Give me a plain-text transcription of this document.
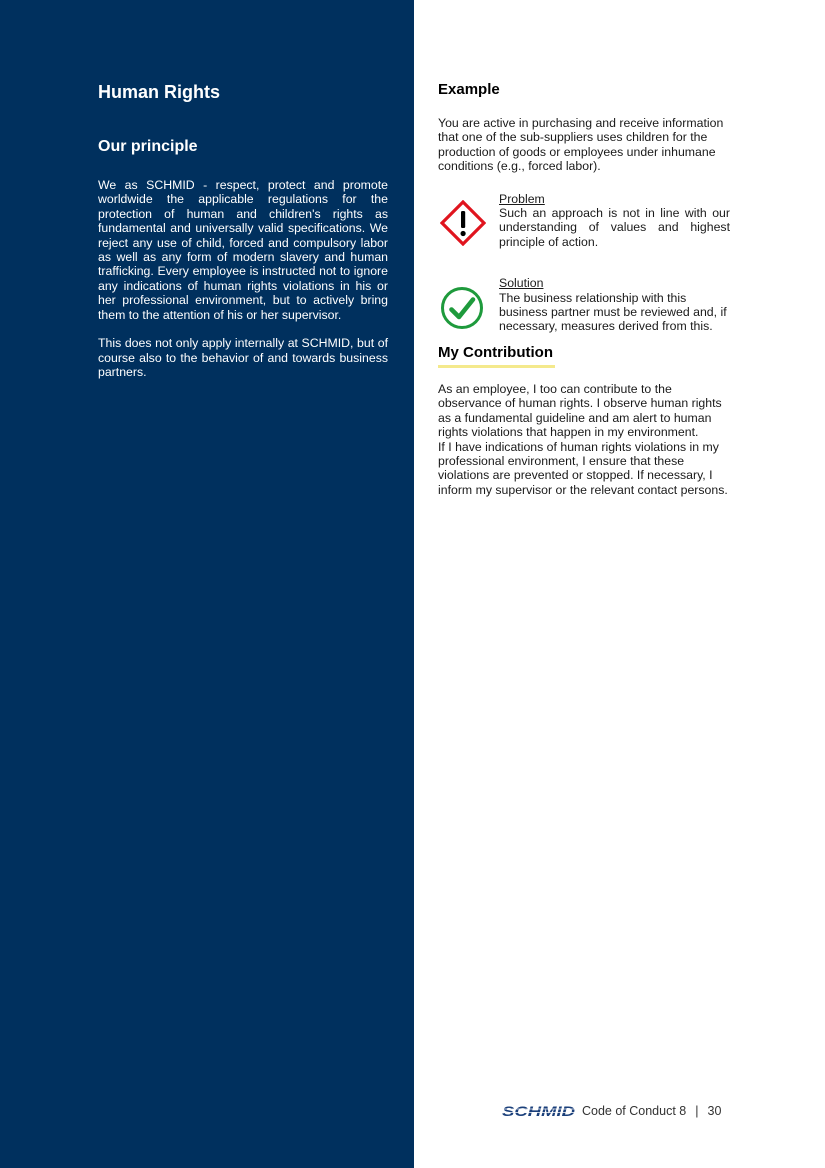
Human Rights
Our principle

We as SCHMID - respect, protect and promote worldwide the applicable regulations for the protection of human and children's rights as fundamental and universally valid specifications. We reject any use of child, forced and compulsory labor as well as any form of modern slavery and human trafficking. Every employee is instructed not to ignore any indications of human rights violations in his or her professional environment, but to actively bring them to the attention of his or her supervisor.

This does not only apply internally at SCHMID, but of course also to the behavior of and towards business partners.

Example

You are active in purchasing and receive information that one of the sub-suppliers uses children for the production of goods or employees under inhumane conditions (e.g., forced labor).

Problem
Such an approach is not in line with our understanding of values and highest principle of action.
Solution
The business relationship with this business partner must be reviewed and, if necessary, measures derived from this.
My Contribution
As an employee, I too can contribute to the observance of human rights. I observe human rights as a fundamental guideline and am alert to human rights violations that happen in my environment.
If I have indications of human rights violations in my professional environment, I ensure that these violations are prevented or stopped. If necessary, I inform my supervisor or the relevant contact persons.
SCHMID Code of Conduct 8 | 30
